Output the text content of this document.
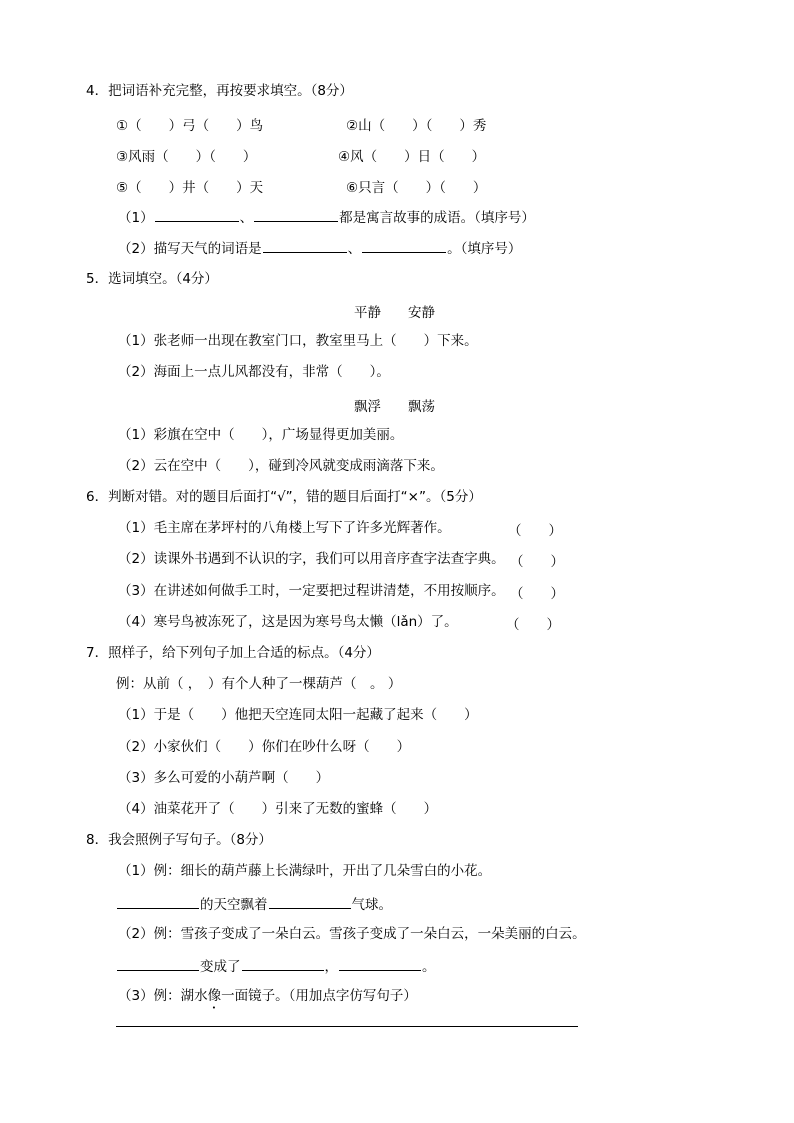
4．把词语补充完整，再按要求填空。（8分）
①（　　）弓（　　）鸟	②山（　　）（　　）秀
③风雨（　　）（　　）	④风（　　）日（　　）
⑤（　　）井（　　）天	⑥只言（　　）（　　）
（1）	、	都是寓言故事的成语。（填序号）
（2）描写天气的词语是	、	。（填序号）
5．选词填空。（4分）
平静　　安静
（1）张老师一出现在教室门口，教室里马上（　　）下来。
（2）海面上一点儿风都没有，非常（　　）。
飘浮　　飘荡
（1）彩旗在空中（　　），广场显得更加美丽。
（2）云在空中（　　），碰到冷风就变成雨滴落下来。
6．判断对错。对的题目后面打“√”，错的题目后面打“×”。（5分）
（1）毛主席在茅坪村的八角楼上写下了许多光辉著作。	（　　）
（2）读课外书遇到不认识的字，我们可以用音序查字法查字典。 （　　）
（3）在讲述如何做手工时，一定要把过程讲清楚，不用按顺序。 （　　）
（4）寒号鸟被冻死了，这是因为寒号鸟太懒（lǎn）了。	（　　）
7．照样子，给下列句子加上合适的标点。（4分）
例：从前（ ，　）有个人种了一棵葫芦（　。 ）
（1）于是（　　）他把天空连同太阳一起藏了起来（　　）
（2）小家伙们（　　）你们在吵什么呀（　　）
（3）多么可爱的小葫芦啊（　　）
（4）油菜花开了（　　）引来了无数的蜜蜂（　　）
8．我会照例子写句子。（8分）
（1）例：细长的葫芦藤上长满绿叶，开出了几朵雪白的小花。
的天空飘着	气球。
（2）例：雪孩子变成了一朵白云。雪孩子变成了一朵白云，一朵美丽的白云。
变成了	，	。
（3）例：湖水像一面镜子。（用加点字仿写句子）
